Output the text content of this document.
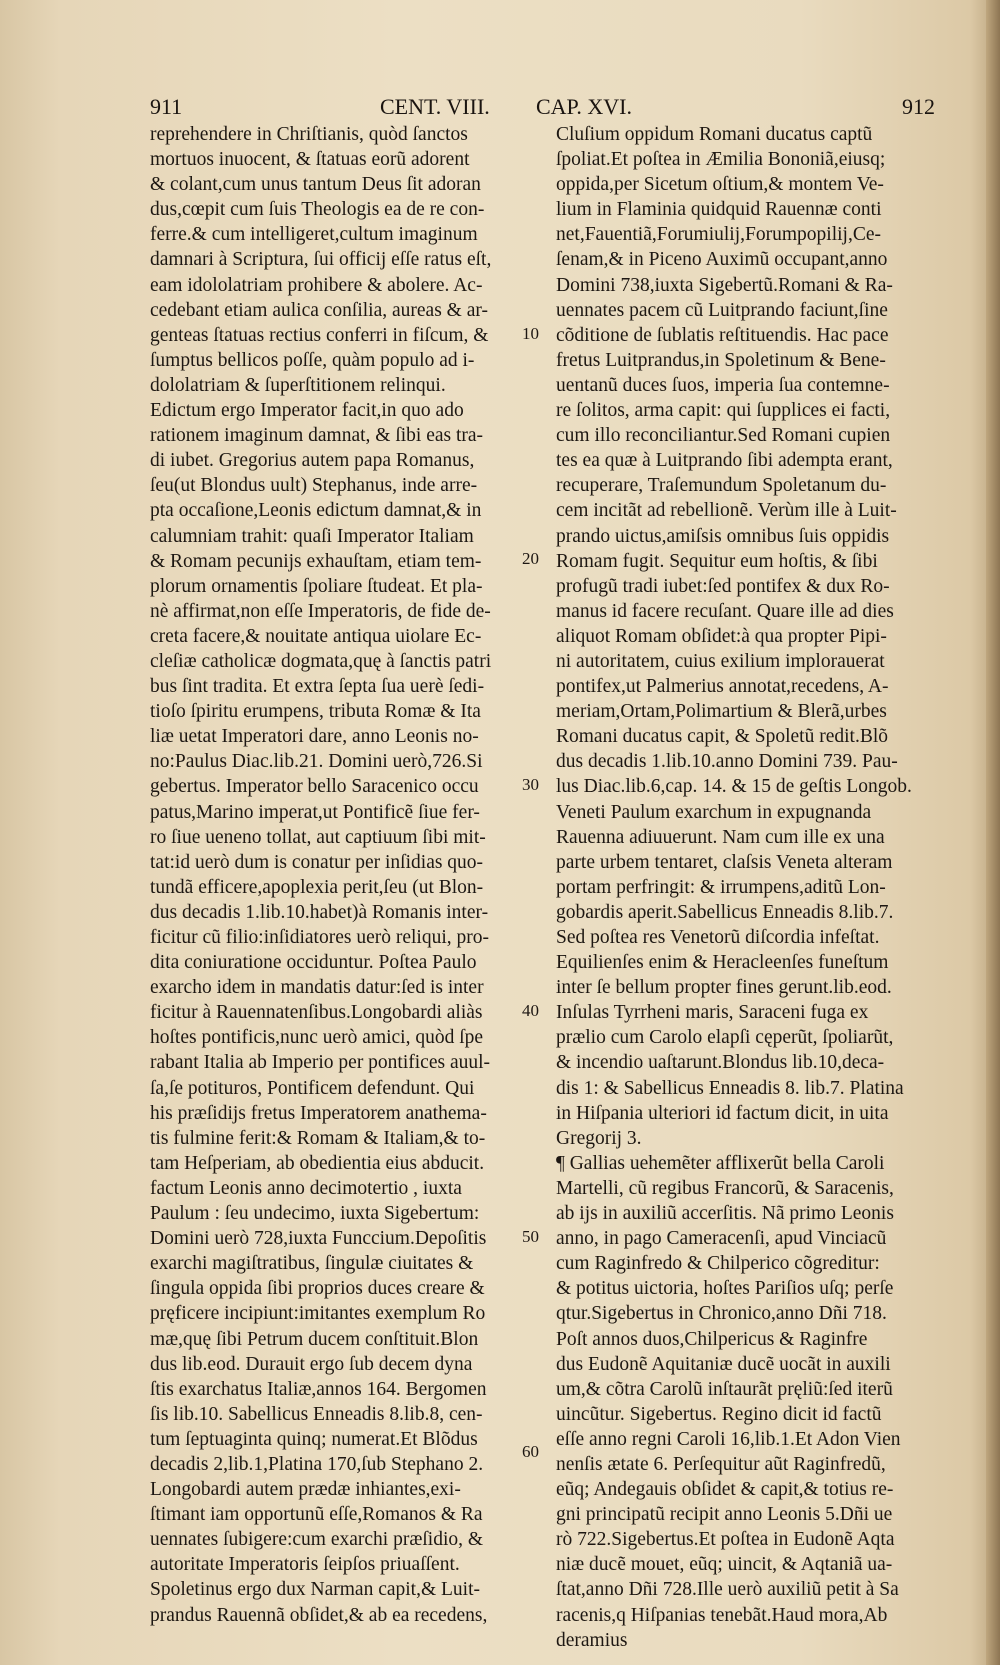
911	CENT. VIII. CAP. XVI.	912
reprehendere in Chriſtianis, quòd ſanctos
mortuos inuocent, & ſtatuas eorũ adorent
& colant,cum unus tantum Deus ſit adoran
dus,cœpit cum ſuis Theologis ea de re con-
ferre.& cum intelligeret,cultum imaginum
damnari à Scriptura, ſui officij eſſe ratus eſt,
eam idololatriam prohibere & abolere. Ac-
cedebant etiam aulica conſilia, aureas & ar-
genteas ſtatuas rectius conferri in fiſcum, &
ſumptus bellicos poſſe, quàm populo ad i-
dololatriam & ſuperſtitionem relinqui.
Edictum ergo Imperator facit,in quo ado
rationem imaginum damnat, & ſibi eas tra-
di iubet. Gregorius autem papa Romanus,
ſeu(ut Blondus uult) Stephanus, inde arre-
pta occaſione,Leonis edictum damnat,& in
calumniam trahit: quaſi Imperator Italiam
& Romam pecunijs exhauſtam, etiam tem-
plorum ornamentis ſpoliare ſtudeat. Et pla-
nè affirmat,non eſſe Imperatoris, de fide de-
creta facere,& nouitate antiqua uiolare Ec-
cleſiæ catholicæ dogmata,quę à ſanctis patri
bus ſint tradita. Et extra ſepta ſua uerè ſedi-
tioſo ſpiritu erumpens, tributa Romæ & Ita
liæ uetat Imperatori dare, anno Leonis no-
no:Paulus Diac.lib.21. Domini uerò,726.Si
gebertus. Imperator bello Saracenico occu
patus,Marino imperat,ut Pontificẽ ſiue fer-
ro ſiue ueneno tollat, aut captiuum ſibi mit-
tat:id uerò dum is conatur per inſidias quo-
tundã efficere,apoplexia perit,ſeu (ut Blon-
dus decadis 1.lib.10.habet)à Romanis inter-
ficitur cũ filio:inſidiatores uerò reliqui, pro-
dita coniuratione occiduntur. Poſtea Paulo
exarcho idem in mandatis datur:ſed is inter
ficitur à Rauennatenſibus.Longobardi aliàs
hoſtes pontificis,nunc uerò amici, quòd ſpe
rabant Italia ab Imperio per pontifices auul-
ſa,ſe potituros, Pontificem defendunt. Qui
his præſidijs fretus Imperatorem anathema-
tis fulmine ferit:& Romam & Italiam,& to-
tam Heſperiam, ab obedientia eius abducit.
factum Leonis anno decimotertio , iuxta
Paulum : ſeu undecimo, iuxta Sigebertum:
Domini uerò 728,iuxta Funccium.Depoſitis
exarchi magiſtratibus, ſingulæ ciuitates &
ſingula oppida ſibi proprios duces creare &
pręficere incipiunt:imitantes exemplum Ro
mæ,quę ſibi Petrum ducem conſtituit.Blon
dus lib.eod. Durauit ergo ſub decem dyna
ſtis exarchatus Italiæ,annos 164. Bergomen
ſis lib.10. Sabellicus Enneadis 8.lib.8, cen-
tum ſeptuaginta quinq; numerat.Et Blõdus
decadis 2,lib.1,Platina 170,ſub Stephano 2.
Longobardi autem prædæ inhiantes,exi-
ſtimant iam opportunũ eſſe,Romanos & Ra
uennates ſubigere:cum exarchi præſidio, &
autoritate Imperatoris ſeipſos priuaſſent.
Spoletinus ergo dux Narman capit,& Luit-
prandus Rauennã obſidet,& ab ea recedens,
Cluſium oppidum Romani ducatus captũ
ſpoliat.Et poſtea in Æmilia Bononiã,eiusq;
oppida,per Sicetum oſtium,& montem Ve-
lium in Flaminia quidquid Rauennæ conti
net,Fauentiã,Forumiulij,Forumpopilij,Ce-
ſenam,& in Piceno Auximũ occupant,anno
Domini 738,iuxta Sigebertũ.Romani & Ra-
uennates pacem cũ Luitprando faciunt,ſine
cõditione de ſublatis reſtituendis. Hac pace
fretus Luitprandus,in Spoletinum & Bene-
uentanũ duces ſuos, imperia ſua contemne-
re ſolitos, arma capit: qui ſupplices ei facti,
cum illo reconciliantur.Sed Romani cupien
tes ea quæ à Luitprando ſibi adempta erant,
recuperare, Traſemundum Spoletanum du-
cem incitãt ad rebellionẽ. Verùm ille à Luit-
prando uictus,amiſsis omnibus ſuis oppidis
Romam fugit. Sequitur eum hoſtis, & ſibi
profugũ tradi iubet:ſed pontifex & dux Ro-
manus id facere recuſant. Quare ille ad dies
aliquot Romam obſidet:à qua propter Pipi-
ni autoritatem, cuius exilium implorauerat
pontifex,ut Palmerius annotat,recedens, A-
meriam,Ortam,Polimartium & Blerã,urbes
Romani ducatus capit, & Spoletũ redit.Blõ
dus decadis 1.lib.10.anno Domini 739. Pau-
lus Diac.lib.6,cap. 14. & 15 de geſtis Longob.
Veneti Paulum exarchum in expugnanda
Rauenna adiuuerunt. Nam cum ille ex una
parte urbem tentaret, claſsis Veneta alteram
portam perfringit: & irrumpens,aditũ Lon-
gobardis aperit.Sabellicus Enneadis 8.lib.7.
Sed poſtea res Venetorũ diſcordia infeſtat.
Equilienſes enim & Heracleenſes funeſtum
inter ſe bellum propter fines gerunt.lib.eod.
Inſulas Tyrrheni maris, Saraceni fuga ex
prælio cum Carolo elapſi cęperũt, ſpoliarũt,
& incendio uaſtarunt.Blondus lib.10,deca-
dis 1: & Sabellicus Enneadis 8. lib.7. Platina
in Hiſpania ulteriori id factum dicit, in uita
Gregorij 3.
¶ Gallias uehemẽter afflixerũt bella Caroli
Martelli, cũ regibus Francorũ, & Saracenis,
ab ijs in auxiliũ accerſitis. Nã primo Leonis
anno, in pago Cameracenſi, apud Vinciacũ
cum Raginfredo & Chilperico cõgreditur:
& potitus uictoria, hoſtes Pariſios uſq; perſe
qtur.Sigebertus in Chronico,anno Dñi 718.
Poſt annos duos,Chilpericus & Raginfre
dus Eudonẽ Aquitaniæ ducẽ uocãt in auxili
um,& cõtra Carolũ inſtaurãt pręliũ:ſed iterũ
uincũtur. Sigebertus. Regino dicit id factũ
eſſe anno regni Caroli 16,lib.1.Et Adon Vien
nenſis ætate 6. Perſequitur aũt Raginfredũ,
eũq; Andegauis obſidet & capit,& totius re-
gni principatũ recipit anno Leonis 5.Dñi ue
rò 722.Sigebertus.Et poſtea in Eudonẽ Aqta
niæ ducẽ mouet, eũq; uincit, & Aqtaniã ua-
ſtat,anno Dñi 728.Ille uerò auxiliũ petit à Sa
racenis,q Hiſpanias tenebãt.Haud mora,Ab
deramius
10
20
30
40
50
60
